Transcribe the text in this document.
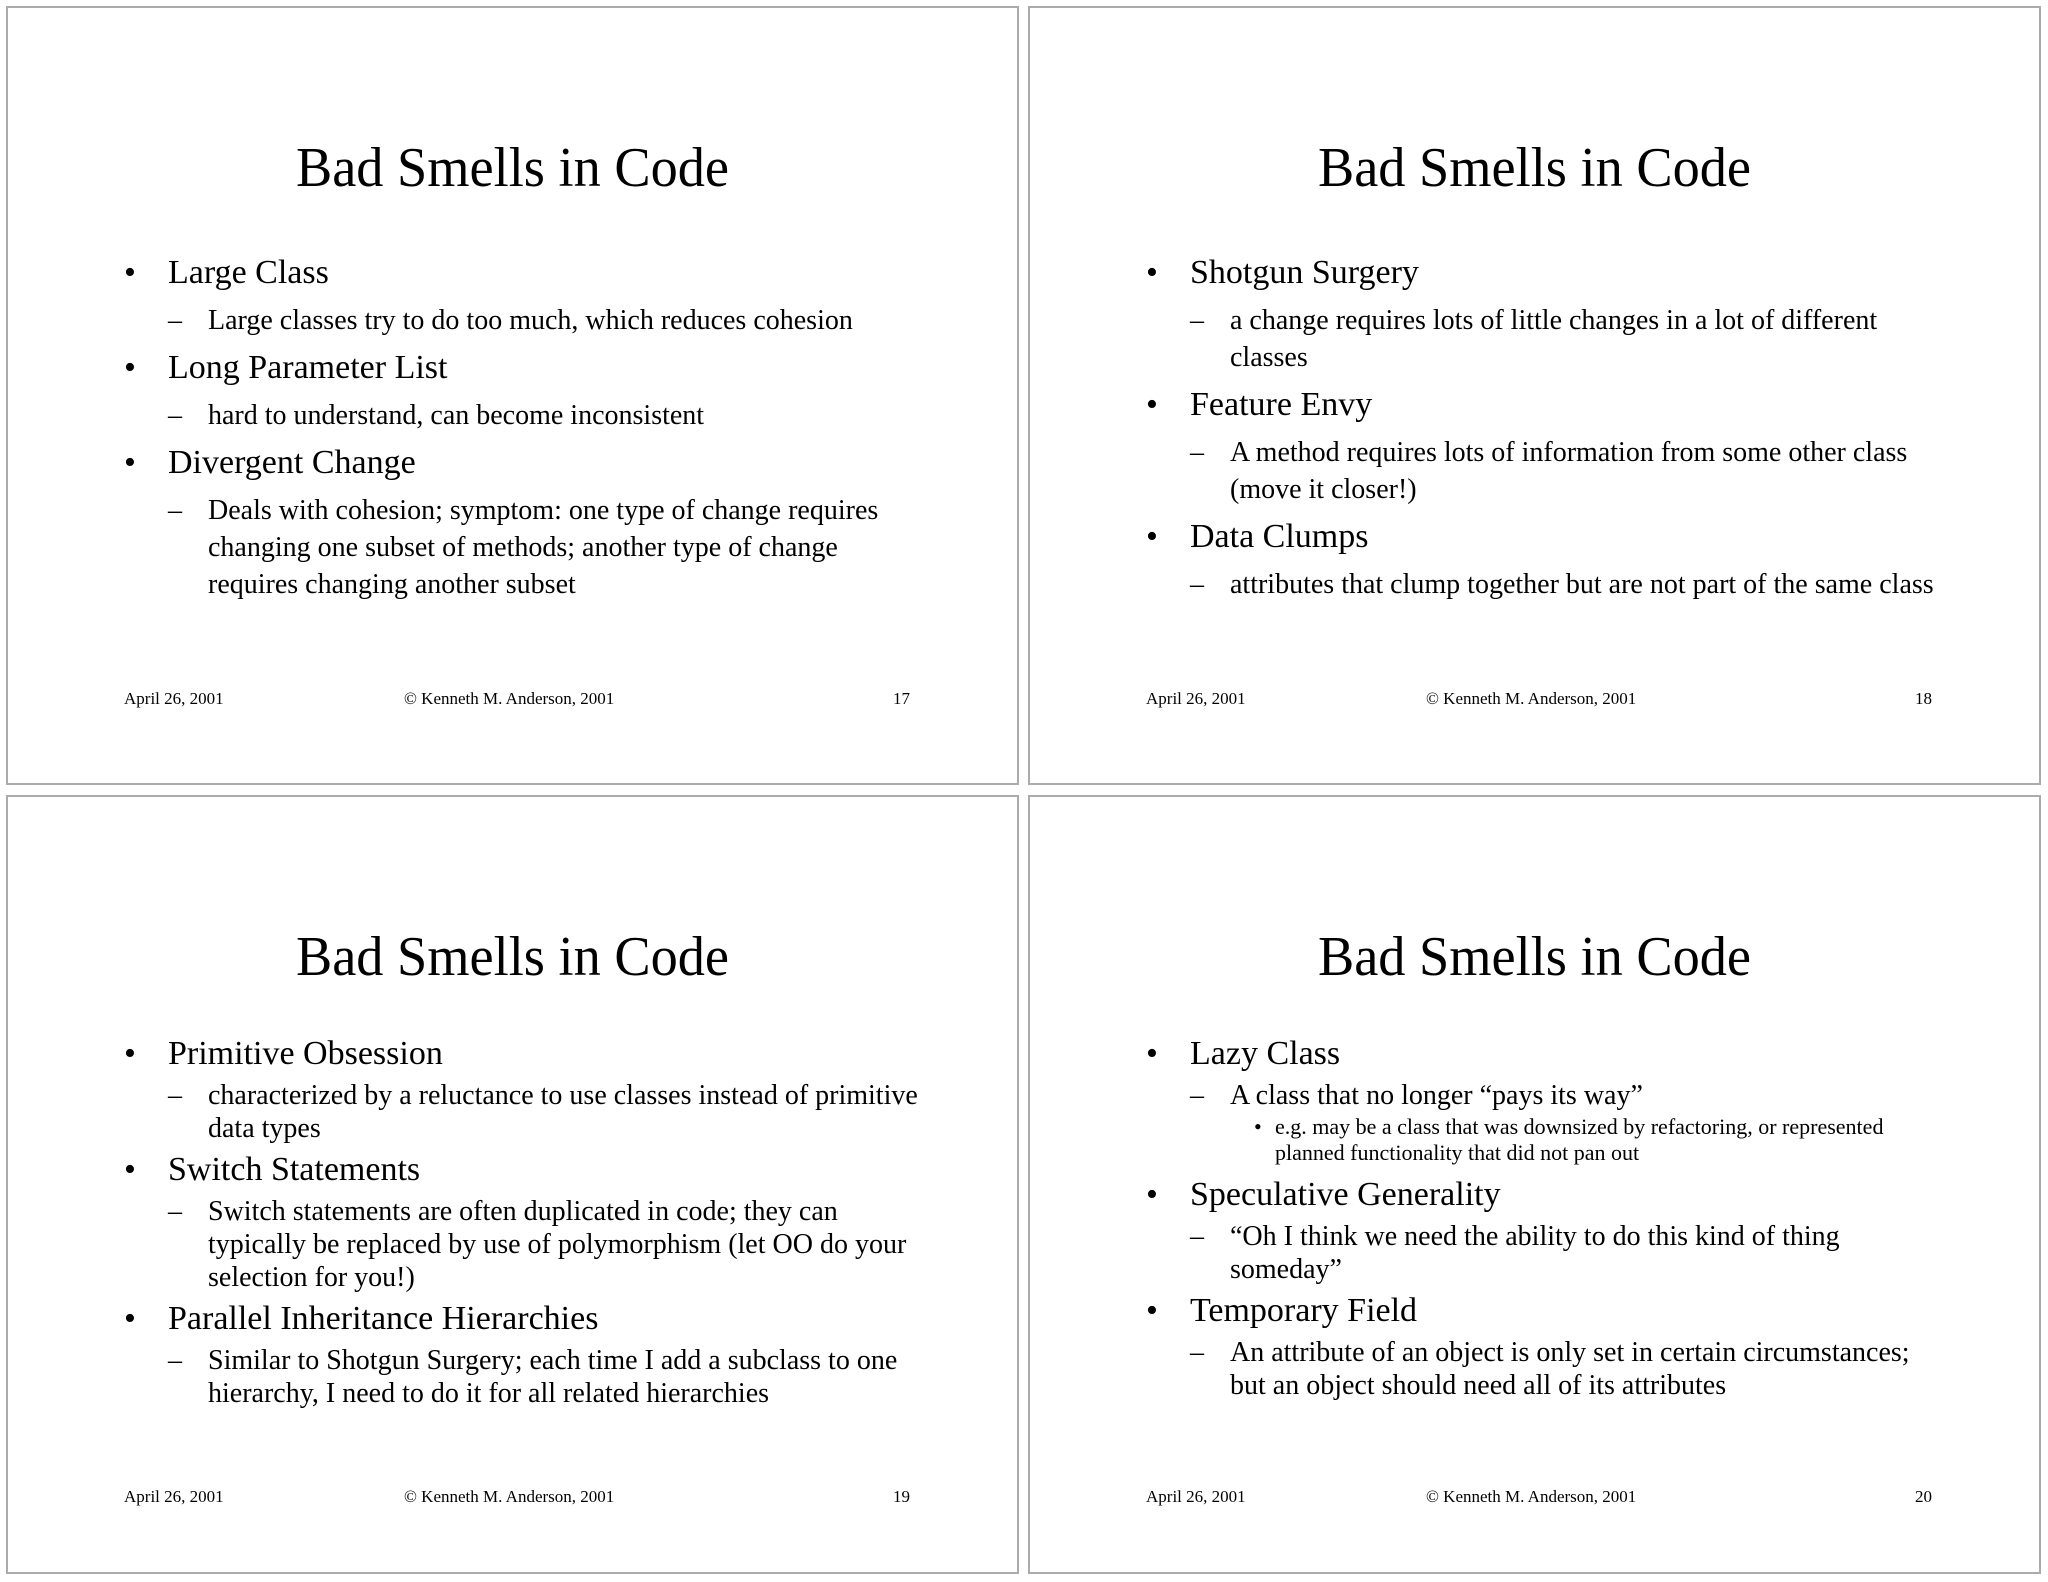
Bad Smells in Code
• Large Class
– Large classes try to do too much, which reduces cohesion
• Long Parameter List
– hard to understand, can become inconsistent
• Divergent Change
– Deals with cohesion; symptom: one type of change requires changing one subset of methods; another type of change requires changing another subset
April 26, 2001	© Kenneth M. Anderson, 2001	17
Bad Smells in Code
• Shotgun Surgery
– a change requires lots of little changes in a lot of different classes
• Feature Envy
– A method requires lots of information from some other class (move it closer!)
• Data Clumps
– attributes that clump together but are not part of the same class
April 26, 2001	© Kenneth M. Anderson, 2001	18
Bad Smells in Code
• Primitive Obsession
– characterized by a reluctance to use classes instead of primitive data types
• Switch Statements
– Switch statements are often duplicated in code; they can typically be replaced by use of polymorphism (let OO do your selection for you!)
• Parallel Inheritance Hierarchies
– Similar to Shotgun Surgery; each time I add a subclass to one hierarchy, I need to do it for all related hierarchies
April 26, 2001	© Kenneth M. Anderson, 2001	19
Bad Smells in Code
• Lazy Class
– A class that no longer “pays its way”
• e.g. may be a class that was downsized by refactoring, or represented planned functionality that did not pan out
• Speculative Generality
– “Oh I think we need the ability to do this kind of thing someday”
• Temporary Field
– An attribute of an object is only set in certain circumstances; but an object should need all of its attributes
April 26, 2001	© Kenneth M. Anderson, 2001	20
